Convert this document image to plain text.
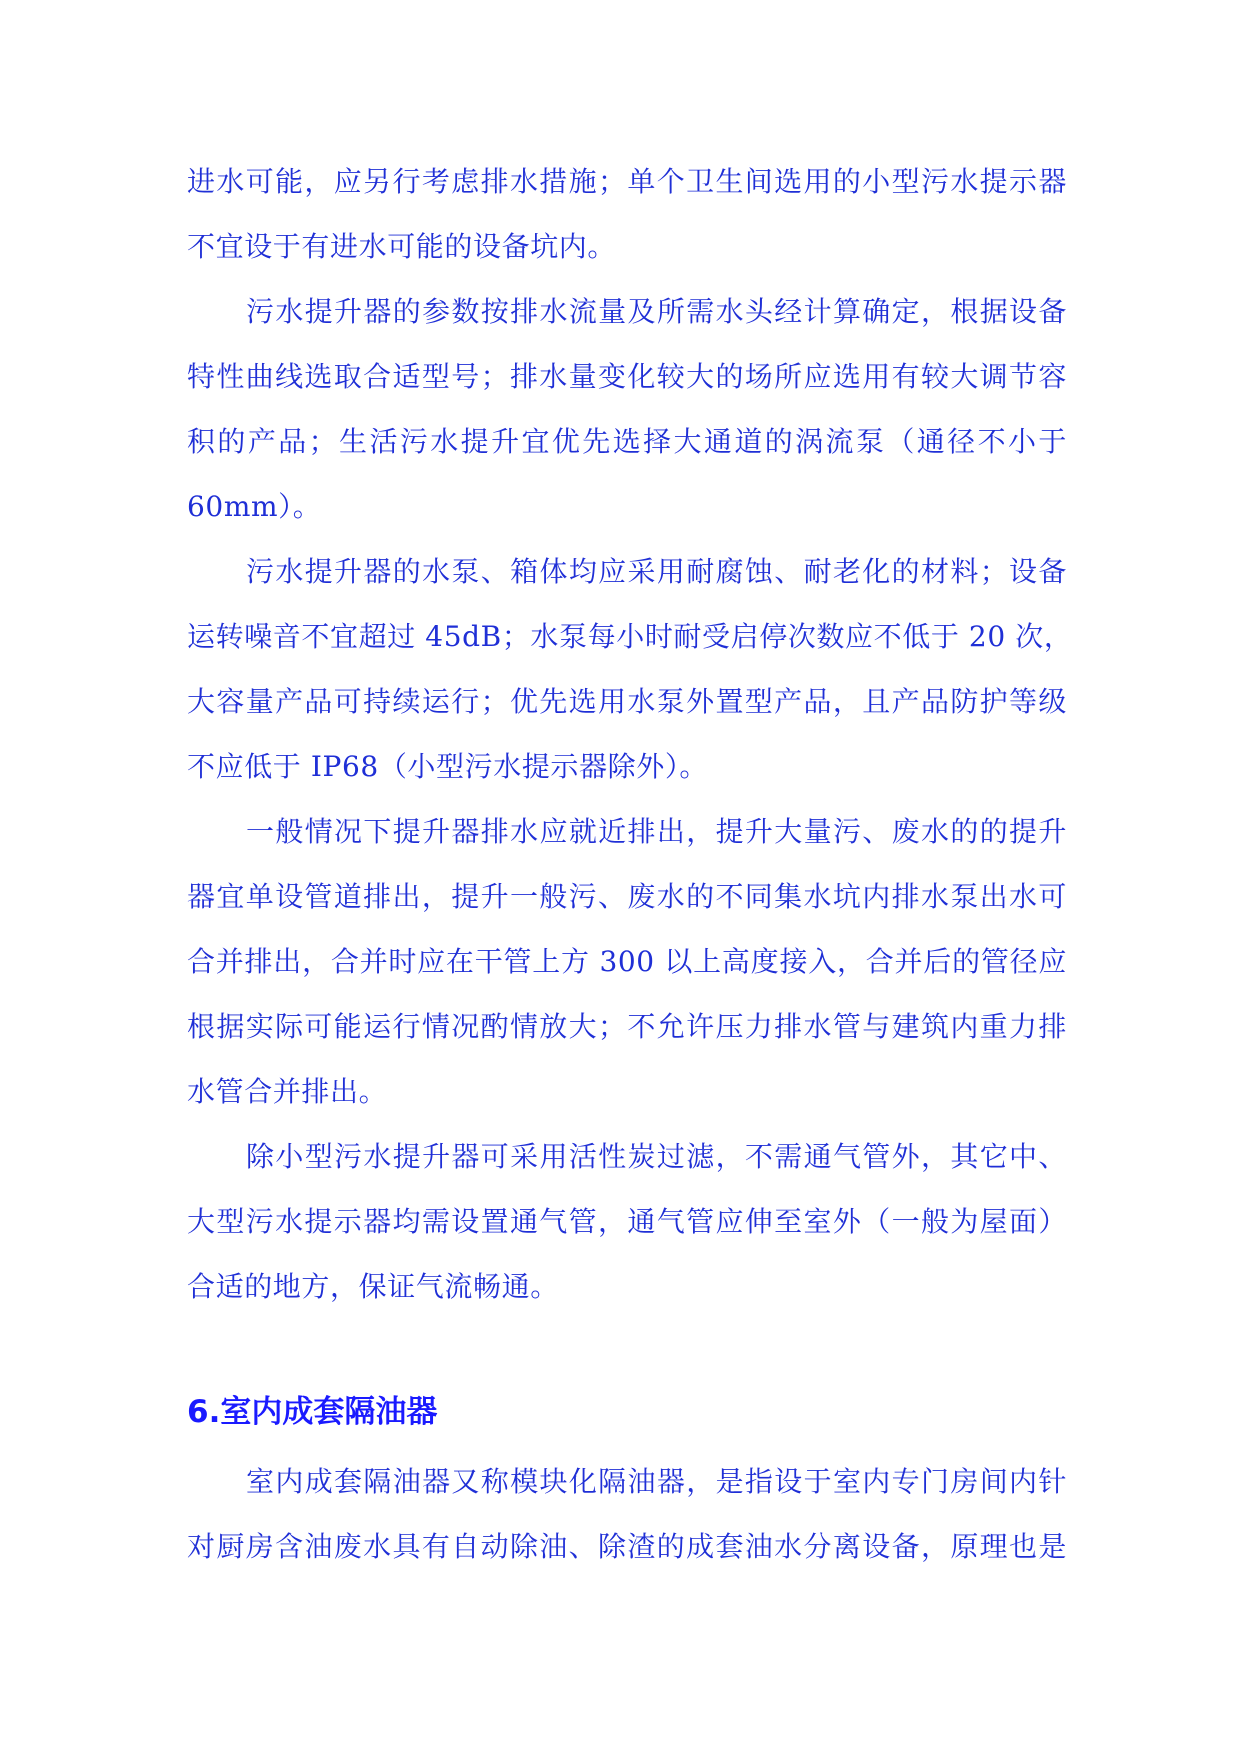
进水可能，应另行考虑排水措施；单个卫生间选用的小型污水提示器
不宜设于有进水可能的设备坑内。
污水提升器的参数按排水流量及所需水头经计算确定，根据设备
特性曲线选取合适型号；排水量变化较大的场所应选用有较大调节容
积的产品；生活污水提升宜优先选择大通道的涡流泵（通径不小于
60mm）。
污水提升器的水泵、箱体均应采用耐腐蚀、耐老化的材料；设备
运转噪音不宜超过 45dB；水泵每小时耐受启停次数应不低于 20 次，
大容量产品可持续运行；优先选用水泵外置型产品，且产品防护等级
不应低于 IP68（小型污水提示器除外）。
一般情况下提升器排水应就近排出，提升大量污、废水的的提升
器宜单设管道排出，提升一般污、废水的不同集水坑内排水泵出水可
合并排出，合并时应在干管上方 300 以上高度接入，合并后的管径应
根据实际可能运行情况酌情放大；不允许压力排水管与建筑内重力排
水管合并排出。
除小型污水提升器可采用活性炭过滤，不需通气管外，其它中、
大型污水提示器均需设置通气管，通气管应伸至室外（一般为屋面）
合适的地方，保证气流畅通。
6.室内成套隔油器
室内成套隔油器又称模块化隔油器，是指设于室内专门房间内针
对厨房含油废水具有自动除油、除渣的成套油水分离设备，原理也是
